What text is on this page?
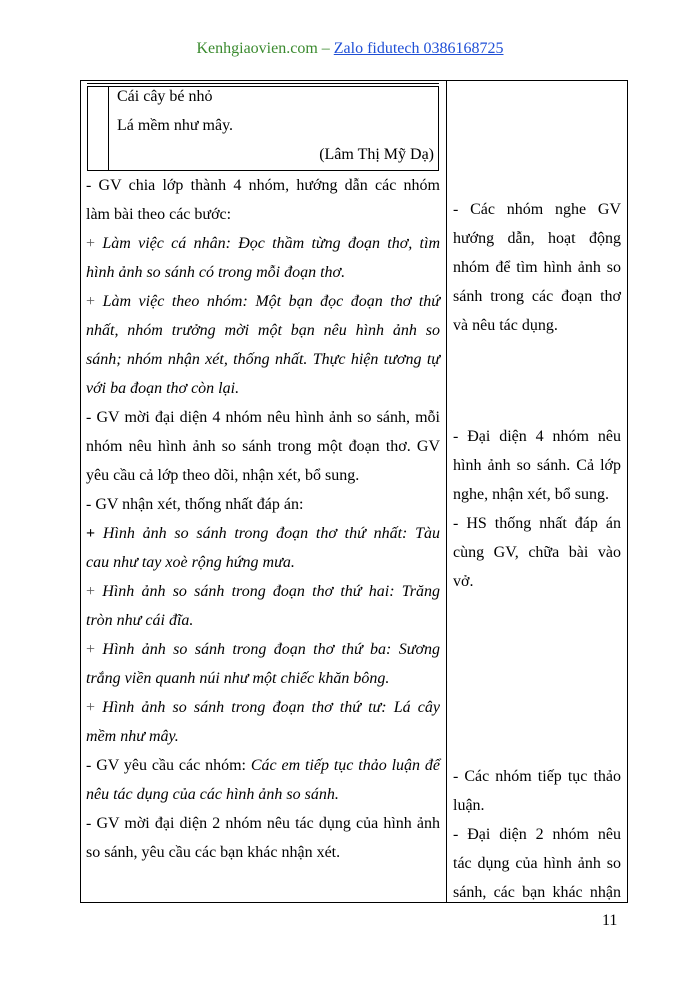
Kenhgiaovien.com – Zalo fidutech 0386168725
Cái cây bé nhỏ
Lá mềm như mây.
(Lâm Thị Mỹ Dạ)

- GV chia lớp thành 4 nhóm, hướng dẫn các nhóm

làm bài theo các bước:

+ Làm việc cá nhân: Đọc thầm từng đoạn thơ, tìm

hình ảnh so sánh có trong mỗi đoạn thơ.

+ Làm việc theo nhóm: Một bạn đọc đoạn thơ thứ

nhất, nhóm trưởng mời một bạn nêu hình ảnh so

sánh; nhóm nhận xét, thống nhất. Thực hiện tương tự

với ba đoạn thơ còn lại.

- GV mời đại diện 4 nhóm nêu hình ảnh so sánh, mỗi

nhóm nêu hình ảnh so sánh trong một đoạn thơ. GV

yêu cầu cả lớp theo dõi, nhận xét, bổ sung.

- GV nhận xét, thống nhất đáp án:

+ Hình ảnh so sánh trong đoạn thơ thứ nhất: Tàu

cau như tay xoè rộng hứng mưa.

+ Hình ảnh so sánh trong đoạn thơ thứ hai: Trăng

tròn như cái đĩa.

+ Hình ảnh so sánh trong đoạn thơ thứ ba: Sương

trắng viền quanh núi như một chiếc khăn bông.

+ Hình ảnh so sánh trong đoạn thơ thứ tư: Lá cây

mềm như mây.

- GV yêu cầu các nhóm: Các em tiếp tục thảo luận để

nêu tác dụng của các hình ảnh so sánh.

- GV mời đại diện 2 nhóm nêu tác dụng của hình ảnh

so sánh, yêu cầu các bạn khác nhận xét.

- Các nhóm nghe GV

hướng dẫn, hoạt động

nhóm để tìm hình ảnh so

sánh trong các đoạn thơ

và nêu tác dụng.

- Đại diện 4 nhóm nêu

hình ảnh so sánh. Cả lớp

nghe, nhận xét, bổ sung.

- HS thống nhất đáp án

cùng GV, chữa bài vào

vở.

- Các nhóm tiếp tục thảo

luận.

- Đại diện 2 nhóm nêu

tác dụng của hình ảnh so

sánh, các bạn khác nhận

11
